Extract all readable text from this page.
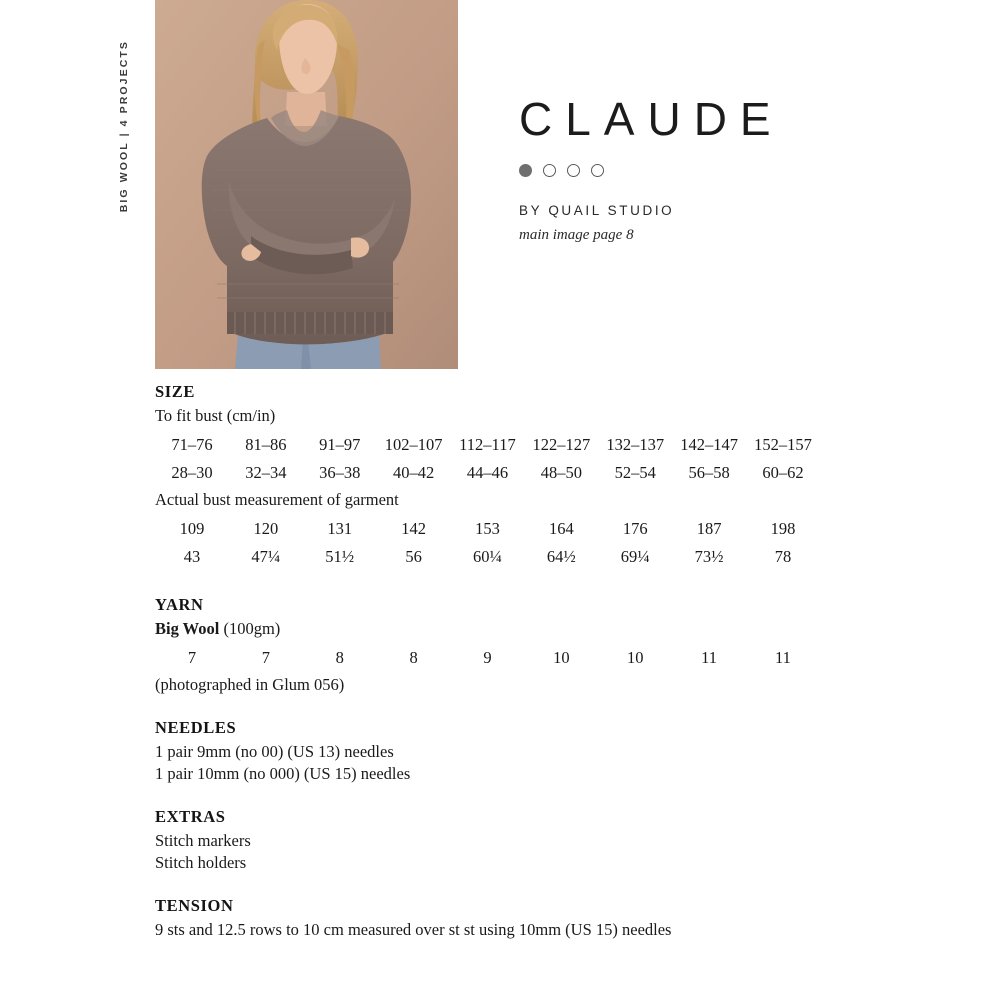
BIG WOOL | 4 PROJECTS	CLAUDE
BY QUAIL STUDIO
main image page 8
SIZE

To fit bust (cm/in)

71–76	81–86	91–97	102–107	112–117	122–127	132–137	142–147	152–157
28–30	32–34	36–38	40–42	44–46	48–50	52–54	56–58	60–62

Actual bust measurement of garment

109	120	131	142	153	164	176	187	198
43	47¼	51½	56	60¼	64½	69¼	73½	78
YARN

Big Wool (100gm)

7	7	8	8	9	10	10	11	11

(photographed in Glum 056)

NEEDLES

1 pair 9mm (no 00) (US 13) needles

1 pair 10mm (no 000) (US 15) needles

EXTRAS

Stitch markers

Stitch holders

TENSION

9 sts and 12.5 rows to 10 cm measured over st st using 10mm (US 15) needles
